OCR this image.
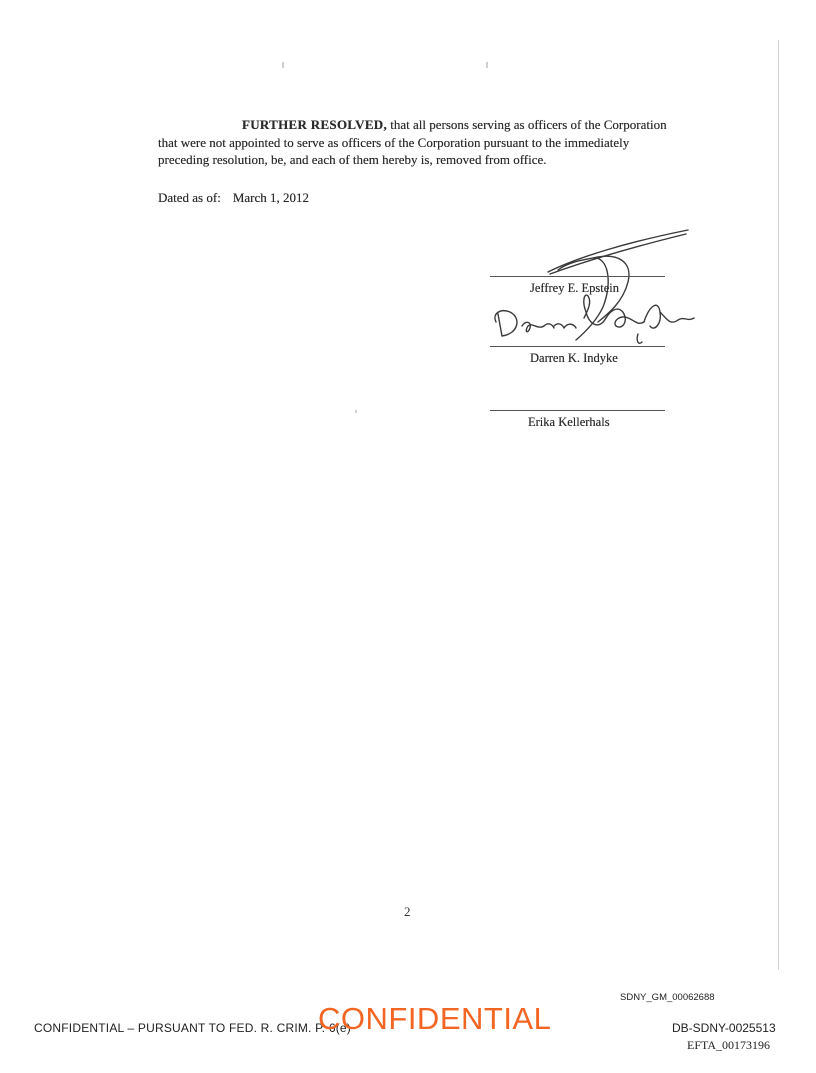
FURTHER RESOLVED, that all persons serving as officers of the Corporation that were not appointed to serve as officers of the Corporation pursuant to the immediately preceding resolution, be, and each of them hereby is, removed from office.
Dated as of: March 1, 2012
Jeffrey E. Epstein
Darren K. Indyke
Erika Kellerhals
2
SDNY_GM_00062688
CONFIDENTIAL – PURSUANT TO FED. R. CRIM. P. 6(e)
CONFIDENTIAL	DB-SDNY-0025513
EFTA_00173196
